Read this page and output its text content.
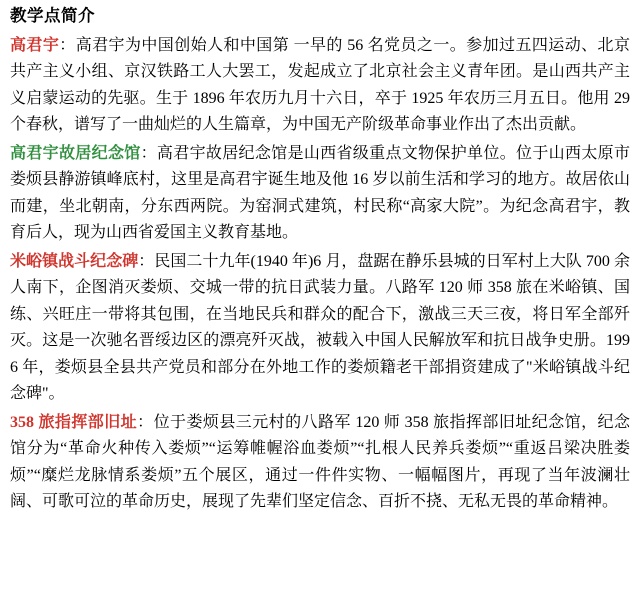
教学点简介

高君宇：高君宇为中国创始人和中国第 一早的 56 名党员之一。参加过五四运动、北京共产主义小组、京汉铁路工人大罢工，发起成立了北京社会主义青年团。是山西共产主义启蒙运动的先驱。生于 1896 年农历九月十六日，卒于 1925 年农历三月五日。他用 29 个春秋，谱写了一曲灿烂的人生篇章，为中国无产阶级革命事业作出了杰出贡献。

高君宇故居纪念馆：高君宇故居纪念馆是山西省级重点文物保护单位。位于山西太原市娄烦县静游镇峰底村，这里是高君宇诞生地及他 16 岁以前生活和学习的地方。故居依山而建，坐北朝南，分东西两院。为窑洞式建筑，村民称“高家大院”。为纪念高君宇，教育后人，现为山西省爱国主义教育基地。

米峪镇战斗纪念碑：民国二十九年(1940 年)6 月，盘踞在静乐县城的日军村上大队 700 余人南下，企图消灭娄烦、交城一带的抗日武装力量。八路军 120 师 358 旅在米峪镇、国练、兴旺庄一带将其包围，在当地民兵和群众的配合下，激战三天三夜，将日军全部歼灭。这是一次驰名晋绥边区的漂亮歼灭战，被载入中国人民解放军和抗日战争史册。1996 年，娄烦县全县共产党员和部分在外地工作的娄烦籍老干部捐资建成了"米峪镇战斗纪念碑"。

358 旅指挥部旧址：位于娄烦县三元村的八路军 120 师 358 旅指挥部旧址纪念馆，纪念馆分为“革命火种传入娄烦”“运筹帷幄浴血娄烦”“扎根人民养兵娄烦”“重返吕梁决胜娄烦”“糜烂龙脉情系娄烦”五个展区，通过一件件实物、一幅幅图片，再现了当年波澜壮阔、可歌可泣的革命历史，展现了先辈们坚定信念、百折不挠、无私无畏的革命精神。
